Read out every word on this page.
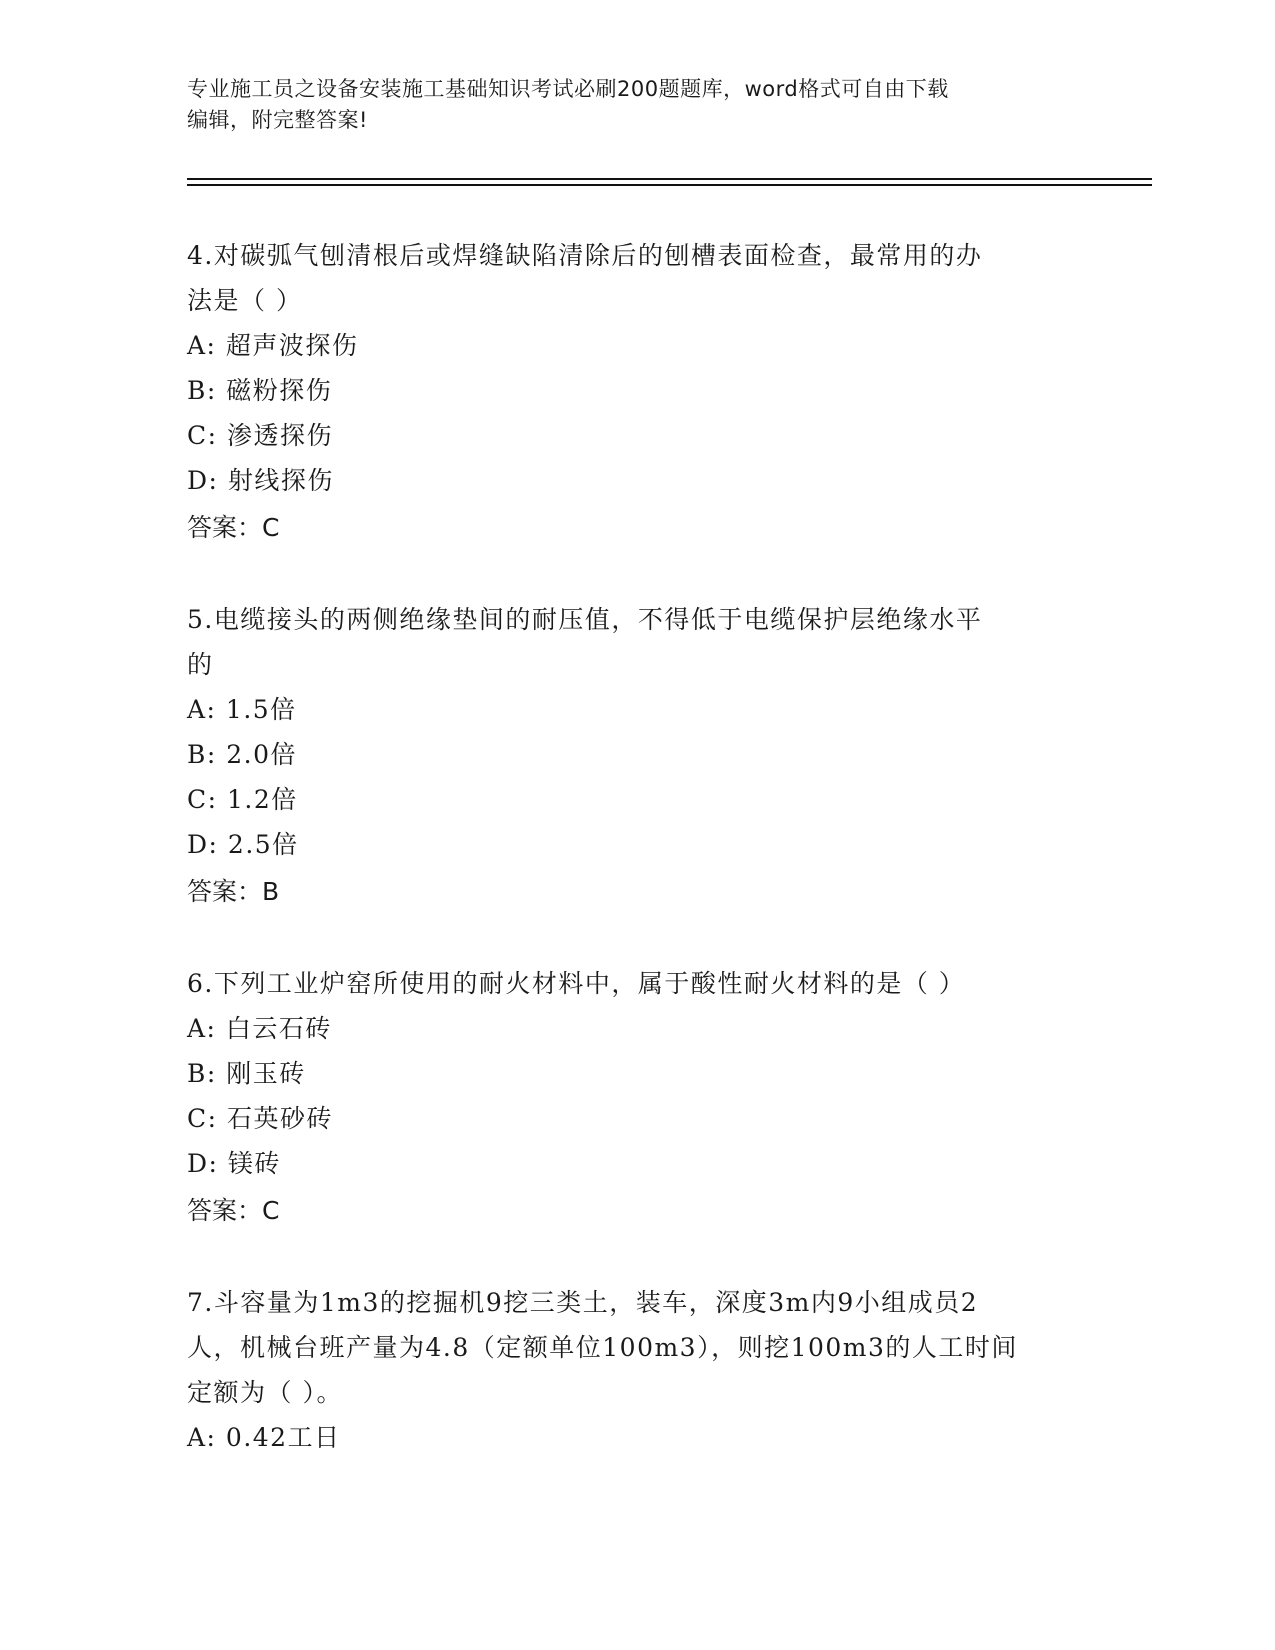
专业施工员之设备安装施工基础知识考试必刷200题题库，word格式可自由下载
编辑，附完整答案!
4.对碳弧气刨清根后或焊缝缺陷清除后的刨槽表面检查，最常用的办
法是（ ）
A: 超声波探伤
B: 磁粉探伤
C: 渗透探伤
D: 射线探伤
答案：C
5.电缆接头的两侧绝缘垫间的耐压值，不得低于电缆保护层绝缘水平
的
A: 1.5倍
B: 2.0倍
C: 1.2倍
D: 2.5倍
答案：B
6.下列工业炉窑所使用的耐火材料中，属于酸性耐火材料的是（ ）
A: 白云石砖
B: 刚玉砖
C: 石英砂砖
D: 镁砖
答案：C
7.斗容量为1m3的挖掘机9挖三类土，装车，深度3m内9小组成员2
人，机械台班产量为4.8（定额单位100m3），则挖100m3的人工时间
定额为（ ）。
A: 0.42工日
